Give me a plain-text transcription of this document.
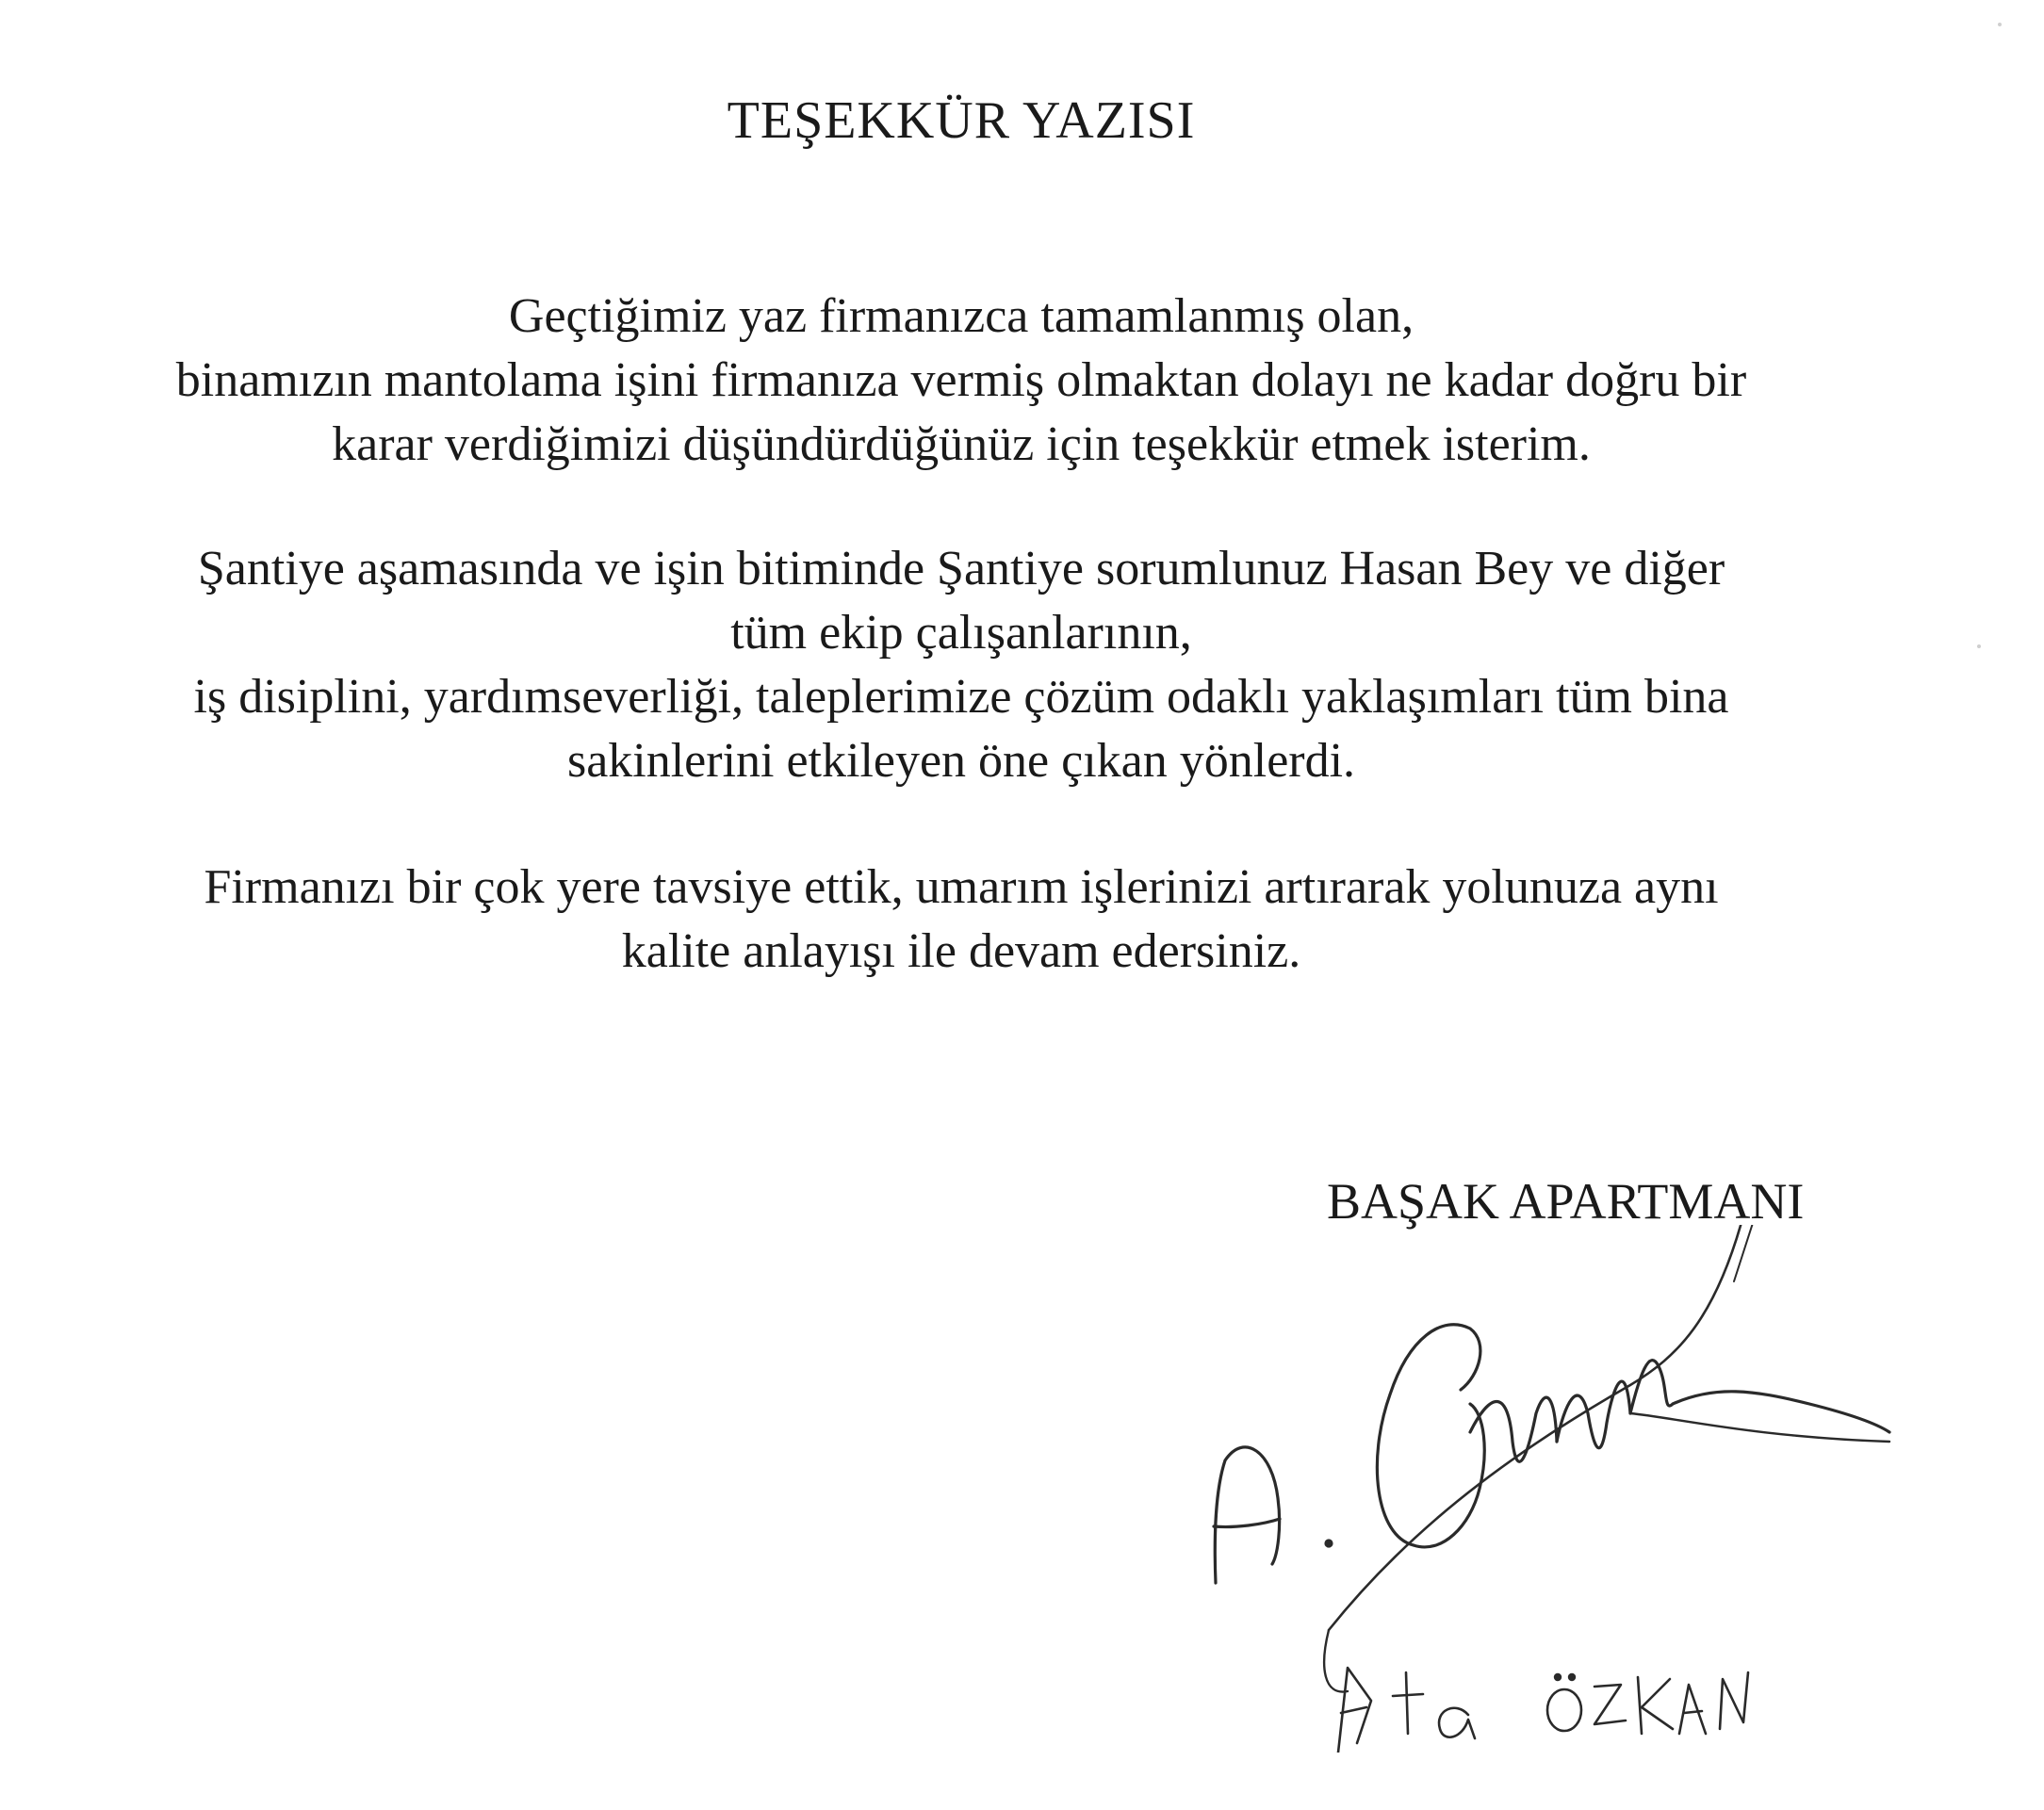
TEŞEKKÜR YAZISI
Geçtiğimiz yaz firmanızca tamamlanmış olan,
binamızın mantolama işini firmanıza vermiş olmaktan dolayı ne kadar doğru bir
karar verdiğimizi düşündürdüğünüz için teşekkür etmek isterim.
Şantiye aşamasında ve işin bitiminde Şantiye sorumlunuz Hasan Bey ve diğer
tüm ekip çalışanlarının,
iş disiplini, yardımseverliği, taleplerimize çözüm odaklı yaklaşımları tüm bina
sakinlerini etkileyen öne çıkan yönlerdi.
Firmanızı bir çok yere tavsiye ettik, umarım işlerinizi artırarak yolunuza aynı
kalite anlayışı ile devam edersiniz.
BAŞAK APARTMANI
